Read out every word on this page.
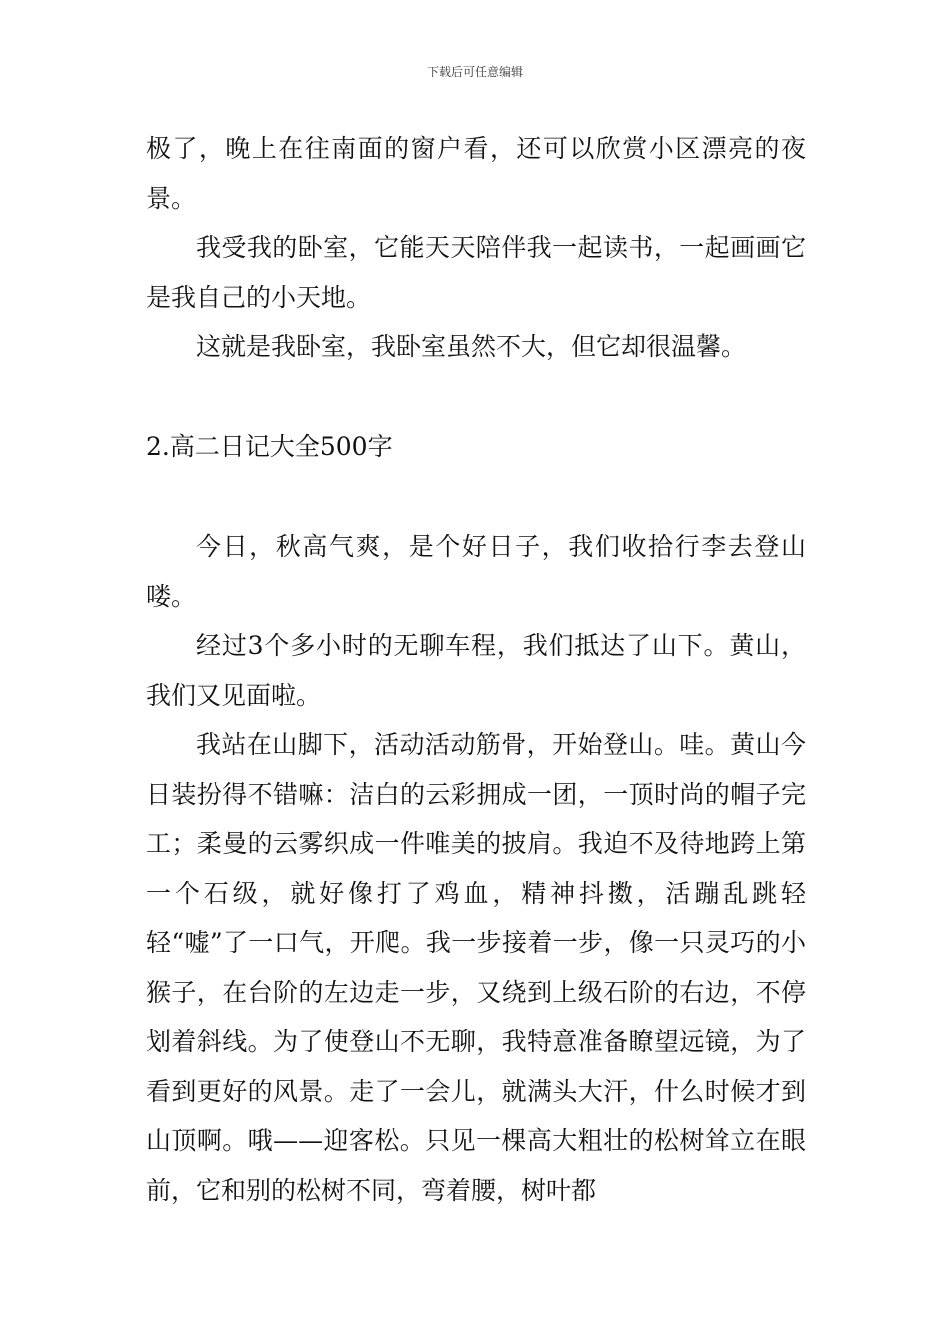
下载后可任意编辑

极了，晚上在往南面的窗户看，还可以欣赏小区漂亮的夜景。

我受我的卧室，它能天天陪伴我一起读书，一起画画它是我自己的小天地。

这就是我卧室，我卧室虽然不大，但它却很温馨。

2.高二日记大全500字

今日，秋高气爽，是个好日子，我们收拾行李去登山喽。

经过3个多小时的无聊车程，我们抵达了山下。黄山，我们又见面啦。

我站在山脚下，活动活动筋骨，开始登山。哇。黄山今日装扮得不错嘛：洁白的云彩拥成一团，一顶时尚的帽子完工；柔曼的云雾织成一件唯美的披肩。我迫不及待地跨上第一个石级，就好像打了鸡血，精神抖擞，活蹦乱跳轻轻“嘘”了一口气，开爬。我一步接着一步，像一只灵巧的小猴子，在台阶的左边走一步，又绕到上级石阶的右边，不停划着斜线。为了使登山不无聊，我特意准备瞭望远镜，为了看到更好的风景。走了一会儿，就满头大汗，什么时候才到山顶啊。哦——迎客松。只见一棵高大粗壮的松树耸立在眼前，它和别的松树不同，弯着腰，树叶都
